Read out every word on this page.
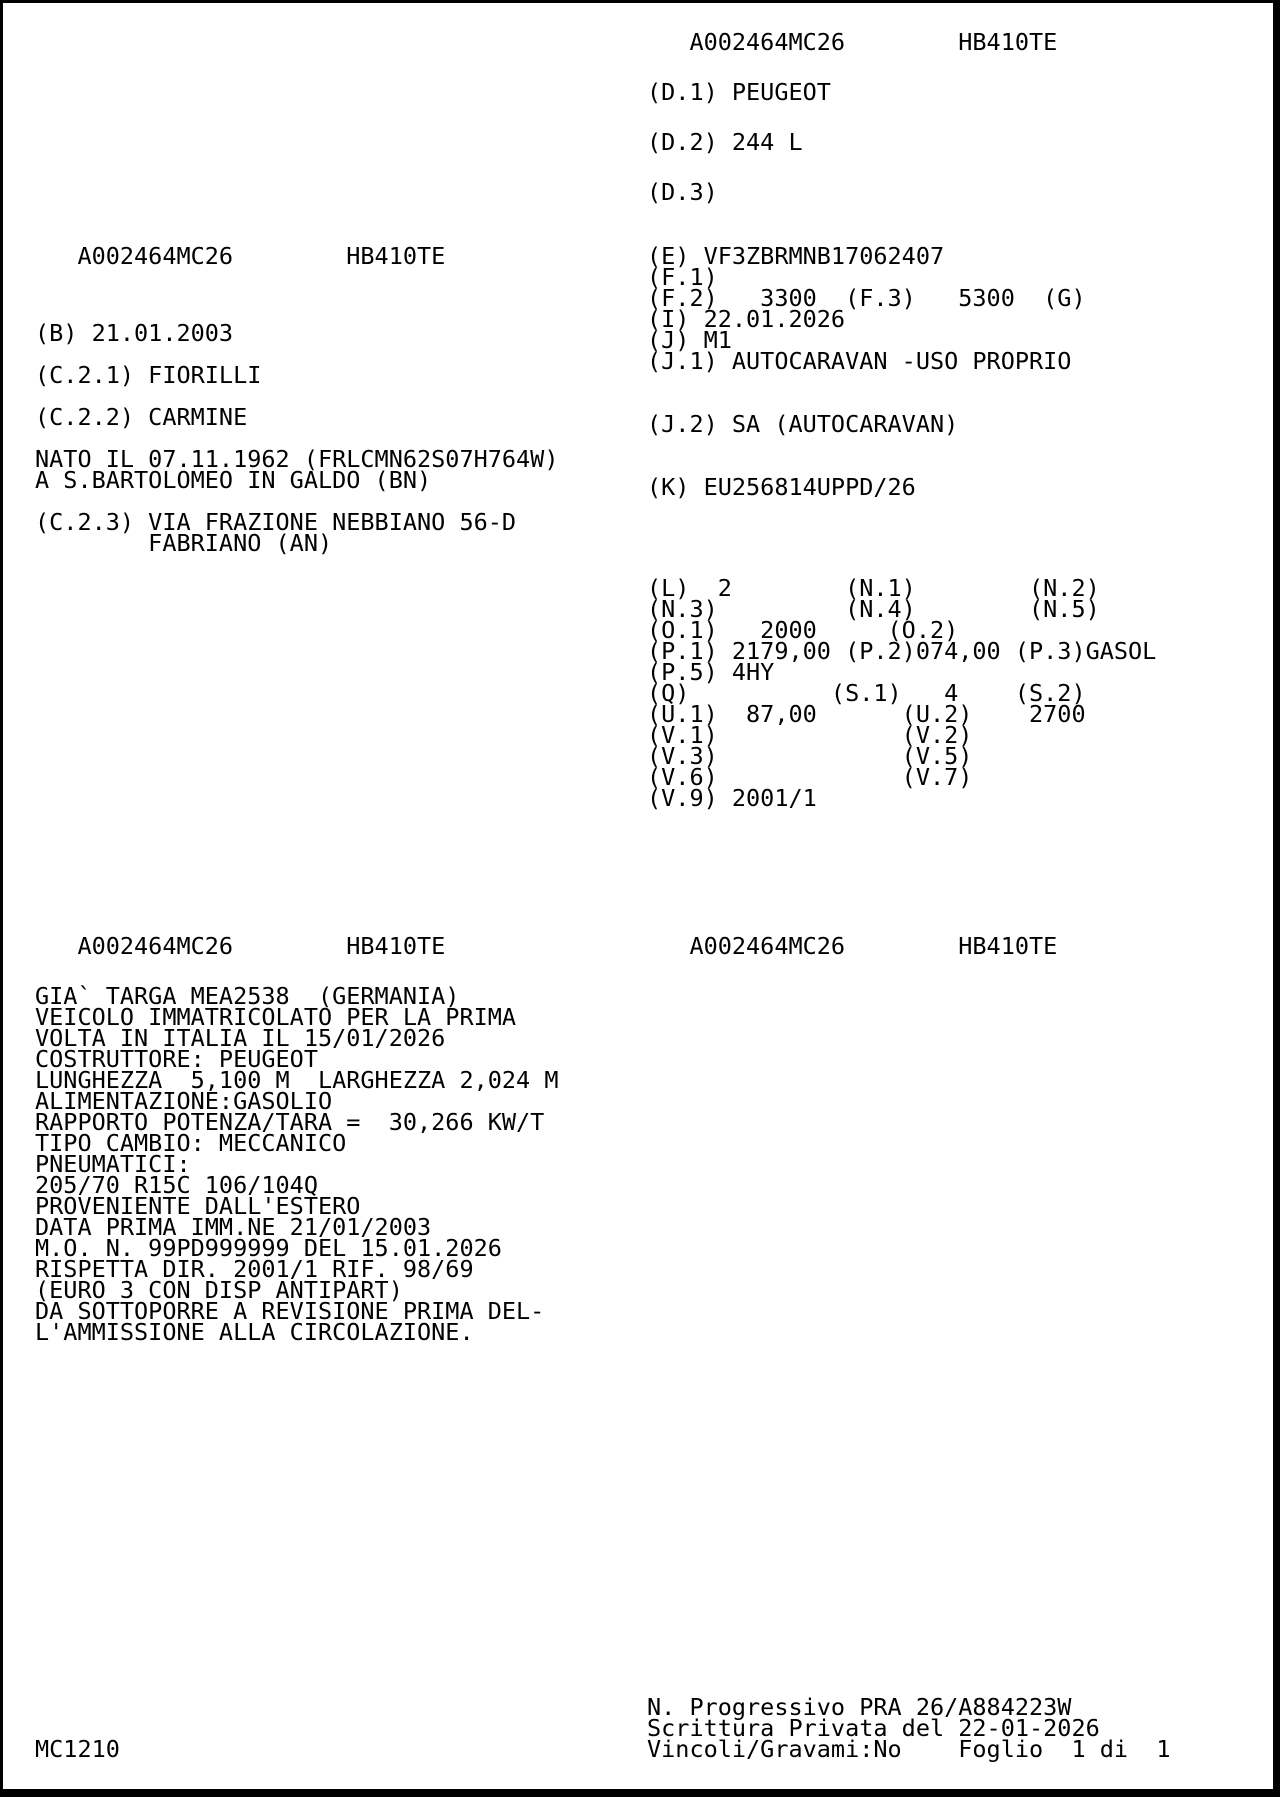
A002464MC26        HB410TE
(D.1) PEUGEOT
(D.2) 244 L
(D.3)
A002464MC26        HB410TE
(B) 21.01.2003

(C.2.1) FIORILLI

(C.2.2) CARMINE

NATO IL 07.11.1962 (FRLCMN62S07H764W)
A S.BARTOLOMEO IN GALDO (BN)

(C.2.3) VIA FRAZIONE NEBBIANO 56-D
FABRIANO (AN)
(E) VF3ZBRMNB17062407
(F.1)
(F.2)   3300  (F.3)   5300  (G)
(I) 22.01.2026
(J) M1
(J.1) AUTOCARAVAN -USO PROPRIO

(J.2) SA (AUTOCARAVAN)

(K) EU256814UPPD/26
(L)  2        (N.1)        (N.2)
(N.3)         (N.4)        (N.5)
(O.1)   2000     (O.2)
(P.1) 2179,00 (P.2)074,00 (P.3)GASOL
(P.5) 4HY
(Q)          (S.1)   4    (S.2)
(U.1)  87,00      (U.2)    2700
(V.1)             (V.2)
(V.3)             (V.5)
(V.6)             (V.7)
(V.9) 2001/1
A002464MC26        HB410TE	A002464MC26        HB410TE
GIA` TARGA MEA2538  (GERMANIA)
VEICOLO IMMATRICOLATO PER LA PRIMA
VOLTA IN ITALIA IL 15/01/2026
COSTRUTTORE: PEUGEOT
LUNGHEZZA  5,100 M  LARGHEZZA 2,024 M
ALIMENTAZIONE:GASOLIO
RAPPORTO POTENZA/TARA =  30,266 KW/T
TIPO CAMBIO: MECCANICO
PNEUMATICI:
205/70 R15C 106/104Q
PROVENIENTE DALL'ESTERO
DATA PRIMA IMM.NE 21/01/2003
M.O. N. 99PD999999 DEL 15.01.2026
RISPETTA DIR. 2001/1 RIF. 98/69
(EURO 3 CON DISP ANTIPART)
DA SOTTOPORRE A REVISIONE PRIMA DEL-
L'AMMISSIONE ALLA CIRCOLAZIONE.
N. Progressivo PRA 26/A884223W
Scrittura Privata del 22-01-2026
Vincoli/Gravami:No    Foglio  1 di  1
MC1210
